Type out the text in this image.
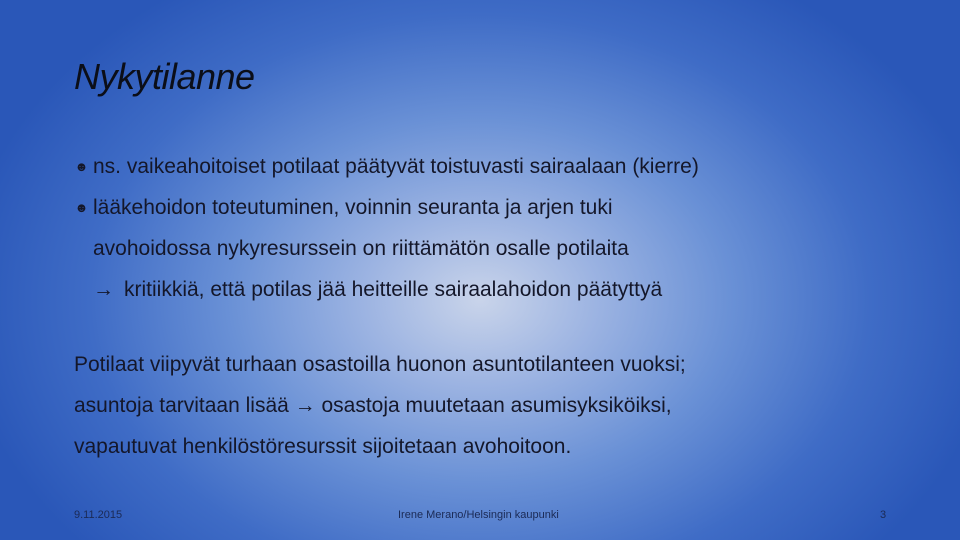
Nykytilanne
☻ ns. vaikeahoitoiset potilaat päätyvät toistuvasti sairaalaan (kierre)
☻ lääkehoidon toteutuminen, voinnin seuranta ja arjen tuki
avohoidossa nykyresurssein on riittämätön osalle potilaita
→ kritiikkiä, että potilas jää heitteille sairaalahoidon päätyttyä
Potilaat viipyvät turhaan osastoilla huonon asuntotilanteen vuoksi;
asuntoja tarvitaan lisää → osastoja muutetaan asumisyksiköiksi,
vapautuvat henkilöstöresurssit sijoitetaan avohoitoon.
9.11.2015	Irene Merano/Helsingin kaupunki	3
